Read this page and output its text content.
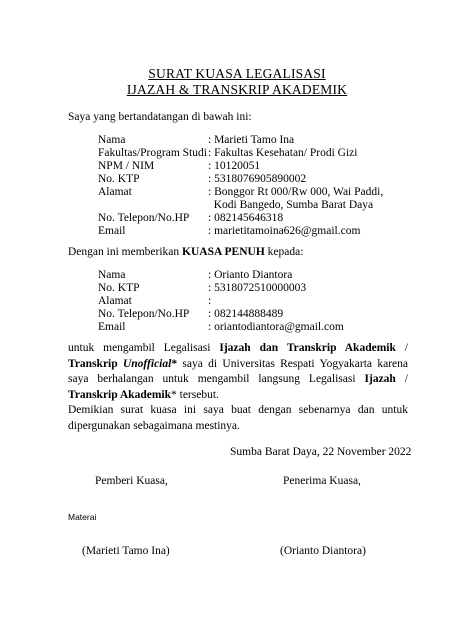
SURAT KUASA LEGALISASI
IJAZAH & TRANSKRIP AKADEMIK
Saya yang bertandatangan di bawah ini:
Nama	: Marieti Tamo Ina
Fakultas/Program Studi : Fakultas Kesehatan/ Prodi Gizi
NPM / NIM	: 10120051
No. KTP	: 5318076905890002
Alamat	: Bonggor Rt 000/Rw 000, Wai Paddi,
Kodi Bangedo, Sumba Barat Daya
No. Telepon/No.HP : 082145646318
Email	: marietitamoina626@gmail.com
Dengan ini memberikan KUASA PENUH kepada:
Nama	: Orianto Diantora
No. KTP	: 5318072510000003
Alamat	:
No. Telepon/No.HP : 082144888489
Email	: oriantodiantora@gmail.com
untuk mengambil Legalisasi Ijazah dan Transkrip Akademik / Transkrip Unofficial* saya di Universitas Respati Yogyakarta karena saya berhalangan untuk mengambil langsung Legalisasi Ijazah / Transkrip Akademik* tersebut.
Demikian surat kuasa ini saya buat dengan sebenarnya dan untuk dipergunakan sebagaimana mestinya.
Sumba Barat Daya, 22 November 2022
Pemberi Kuasa,	Penerima Kuasa,
Materai
(Marieti Tamo Ina)	(Orianto Diantora)
